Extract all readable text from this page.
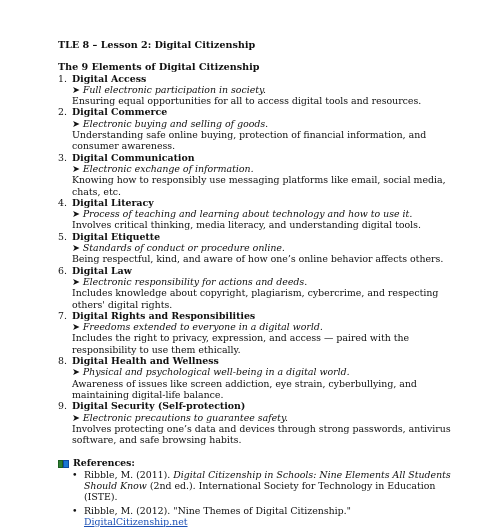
TLE 8 – Lesson 2: Digital Citizenship

The 9 Elements of Digital Citizenship

1. Digital Access
➤ Full electronic participation in society.
Ensuring equal opportunities for all to access digital tools and resources.
2. Digital Commerce
➤ Electronic buying and selling of goods.
Understanding safe online buying, protection of financial information, and consumer awareness.
3. Digital Communication
➤ Electronic exchange of information.
Knowing how to responsibly use messaging platforms like email, social media, chats, etc.
4. Digital Literacy
➤ Process of teaching and learning about technology and how to use it.
Involves critical thinking, media literacy, and understanding digital tools.
5. Digital Etiquette
➤ Standards of conduct or procedure online.
Being respectful, kind, and aware of how one’s online behavior affects others.
6. Digital Law
➤ Electronic responsibility for actions and deeds.
Includes knowledge about copyright, plagiarism, cybercrime, and respecting others' digital rights.
7. Digital Rights and Responsibilities
➤ Freedoms extended to everyone in a digital world.
Includes the right to privacy, expression, and access — paired with the responsibility to use them ethically.
8. Digital Health and Wellness
➤ Physical and psychological well-being in a digital world.
Awareness of issues like screen addiction, eye strain, cyberbullying, and maintaining digital-life balance.
9. Digital Security (Self-protection)
➤ Electronic precautions to guarantee safety.
Involves protecting one’s data and devices through strong passwords, antivirus software, and safe browsing habits.
References:
• Ribble, M. (2011). Digital Citizenship in Schools: Nine Elements All Students Should Know (2nd ed.). International Society for Technology in Education (ISTE).
• Ribble, M. (2012). "Nine Themes of Digital Citizenship." DigitalCitizenship.net
